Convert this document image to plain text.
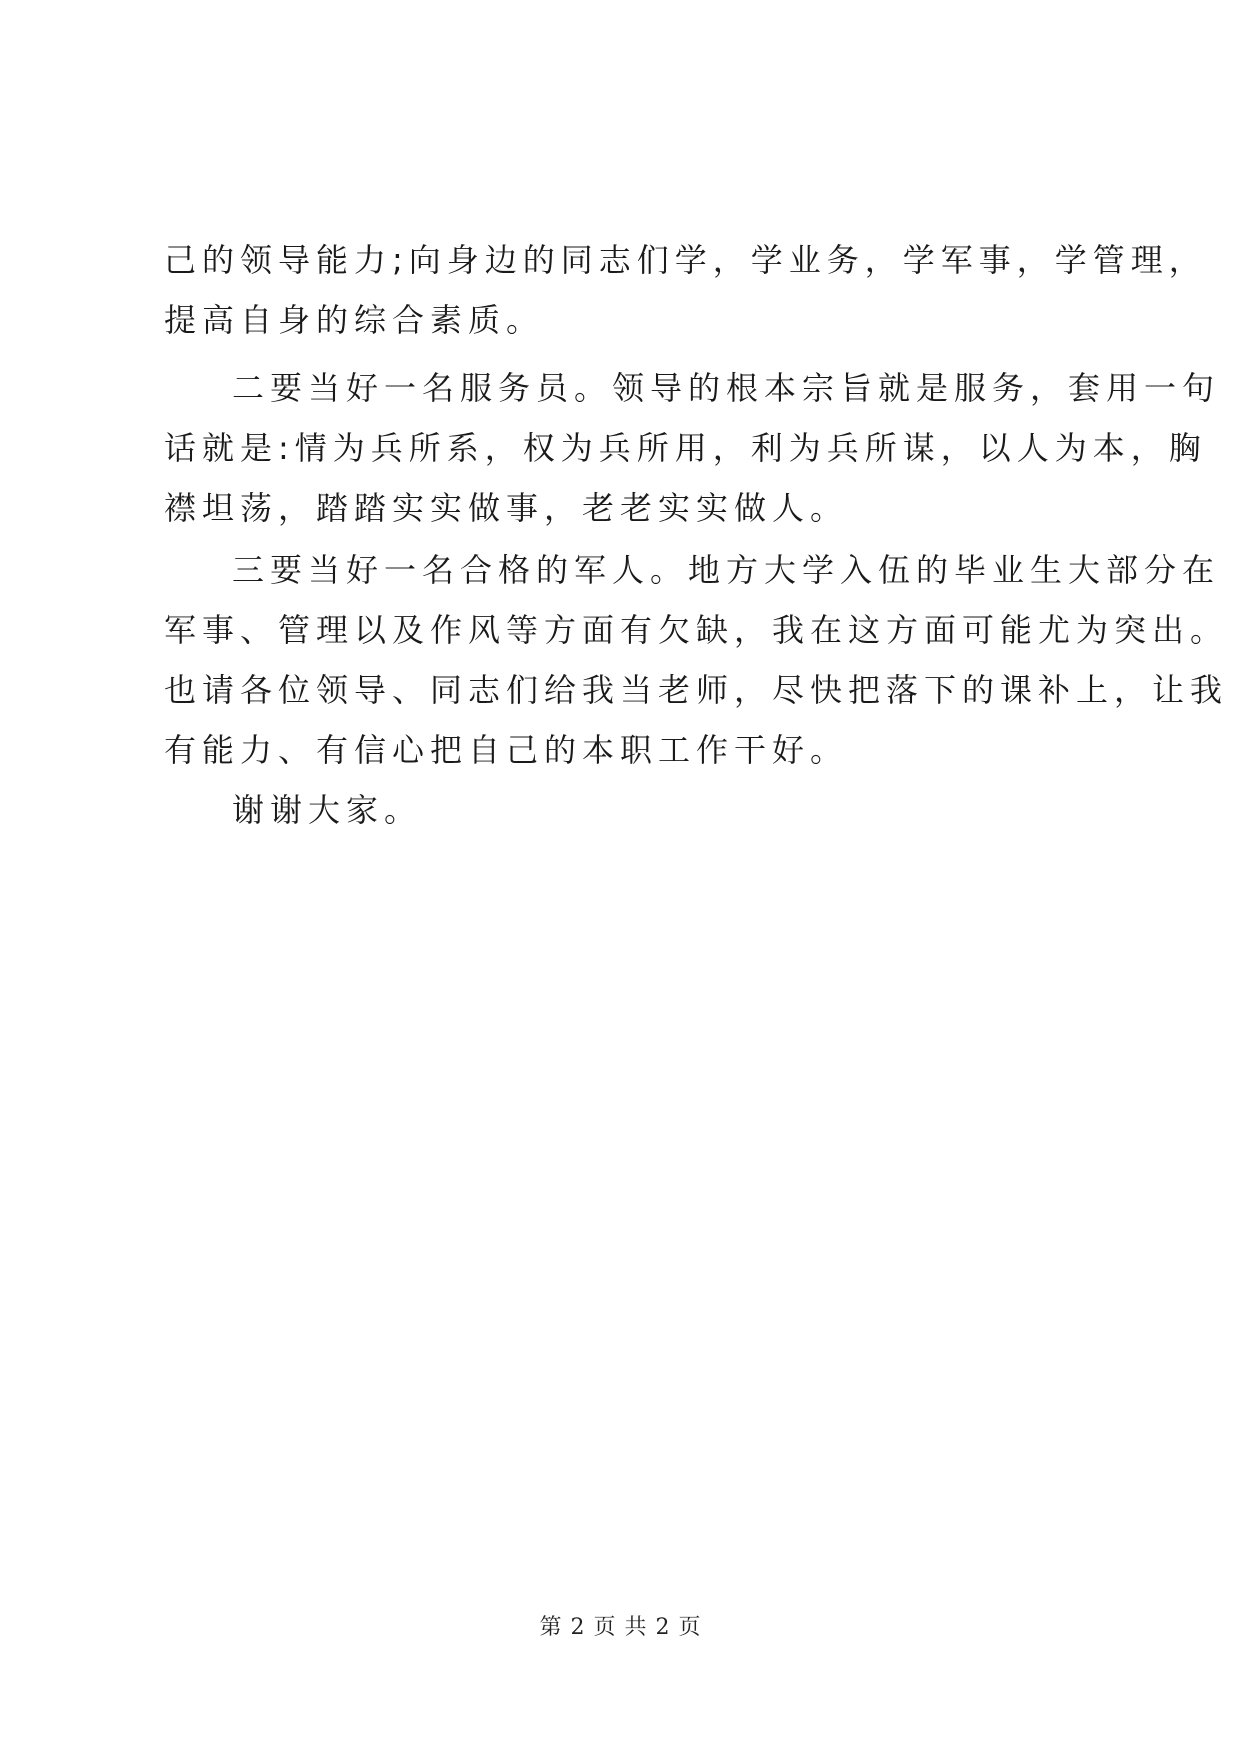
己的领导能力;向身边的同志们学，学业务，学军事，学管理，
提高自身的综合素质。
二要当好一名服务员。领导的根本宗旨就是服务，套用一句
话就是:情为兵所系，权为兵所用，利为兵所谋，以人为本，胸
襟坦荡，踏踏实实做事，老老实实做人。
三要当好一名合格的军人。地方大学入伍的毕业生大部分在
军事、管理以及作风等方面有欠缺，我在这方面可能尤为突出。
也请各位领导、同志们给我当老师，尽快把落下的课补上，让我
有能力、有信心把自己的本职工作干好。
谢谢大家。
第 2 页 共 2 页
